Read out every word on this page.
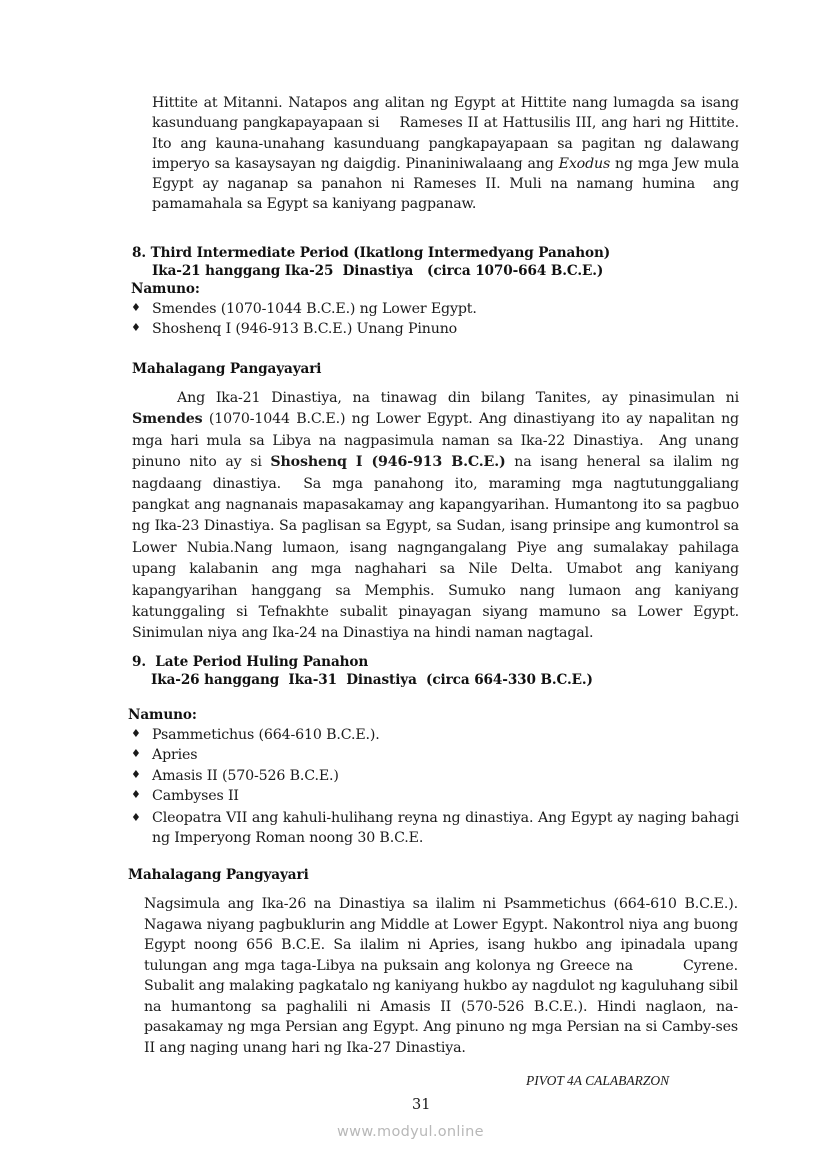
Hittite at Mitanni. Natapos ang alitan ng Egypt at Hittite nang lumagda sa isang kasunduang pangkapayapaan si    Rameses II at Hattusilis III, ang hari ng Hittite. Ito ang kauna-unahang kasunduang pangkapayapaan sa pagitan ng dalawang imperyo sa kasaysayan ng daigdig. Pinaniniwalaang ang Exodus ng mga Jew mula Egypt ay naganap sa panahon ni Rameses II. Muli na namang humina  ang pamamahala sa Egypt sa kaniyang pagpanaw.

8. Third Intermediate Period (Ikatlong Intermedyang Panahon)
Ika-21 hanggang Ika-25  Dinastiya   (circa 1070-664 B.C.E.)
Namuno:
♦ Smendes (1070-1044 B.C.E.) ng Lower Egypt.
♦ Shoshenq I (946-913 B.C.E.) Unang Pinuno
Mahalagang Pangayayari

Ang Ika-21 Dinastiya, na tinawag din bilang Tanites, ay pinasimulan ni Smendes (1070-1044 B.C.E.) ng Lower Egypt. Ang dinastiyang ito ay napalitan ng mga hari mula sa Libya na nagpasimula naman sa Ika-22 Dinastiya.  Ang unang pinuno nito ay si Shoshenq I (946-913 B.C.E.) na isang heneral sa ilalim ng nagdaang dinastiya.  Sa mga panahong ito, maraming mga nagtutunggaliang pangkat ang nagnanais mapasakamay ang kapangyarihan. Humantong ito sa pagbuo ng Ika-23 Dinastiya. Sa paglisan sa Egypt, sa Sudan, isang prinsipe ang kumontrol sa Lower Nubia.Nang lumaon, isang nagngangalang Piye ang sumalakay pahilaga upang kalabanin ang mga naghahari sa Nile Delta. Umabot ang kaniyang kapangyarihan hanggang sa Memphis. Sumuko nang lumaon ang kaniyang katunggaling si Tefnakhte subalit pinayagan siyang mamuno sa Lower Egypt. Sinimulan niya ang Ika-24 na Dinastiya na hindi naman nagtagal.

9.  Late Period Huling Panahon
Ika-26 hanggang  Ika-31  Dinastiya  (circa 664-330 B.C.E.)
Namuno:
♦ Psammetichus (664-610 B.C.E.).
♦ Apries
♦ Amasis II (570-526 B.C.E.)
♦ Cambyses II
♦ Cleopatra VII ang kahuli-hulihang reyna ng dinastiya. Ang Egypt ay naging bahagi ng Imperyong Roman noong 30 B.C.E.
Mahalagang Pangyayari

Nagsimula ang Ika-26 na Dinastiya sa ilalim ni Psammetichus (664-610 B.C.E.). Nagawa niyang pagbuklurin ang Middle at Lower Egypt. Nakontrol niya ang buong Egypt noong 656 B.C.E. Sa ilalim ni Apries, isang hukbo ang ipinadala upang tulungan ang mga taga-Libya na puksain ang kolonya ng Greece na         Cyrene. Subalit ang malaking pagkatalo ng kaniyang hukbo ay nagdulot ng kaguluhang sibil na humantong sa paghalili ni Amasis II (570-526 B.C.E.). Hindi naglaon, na-pasakamay ng mga Persian ang Egypt. Ang pinuno ng mga Persian na si Camby-ses II ang naging unang hari ng Ika-27 Dinastiya.

PIVOT 4A CALABARZON
31
www.modyul.online
